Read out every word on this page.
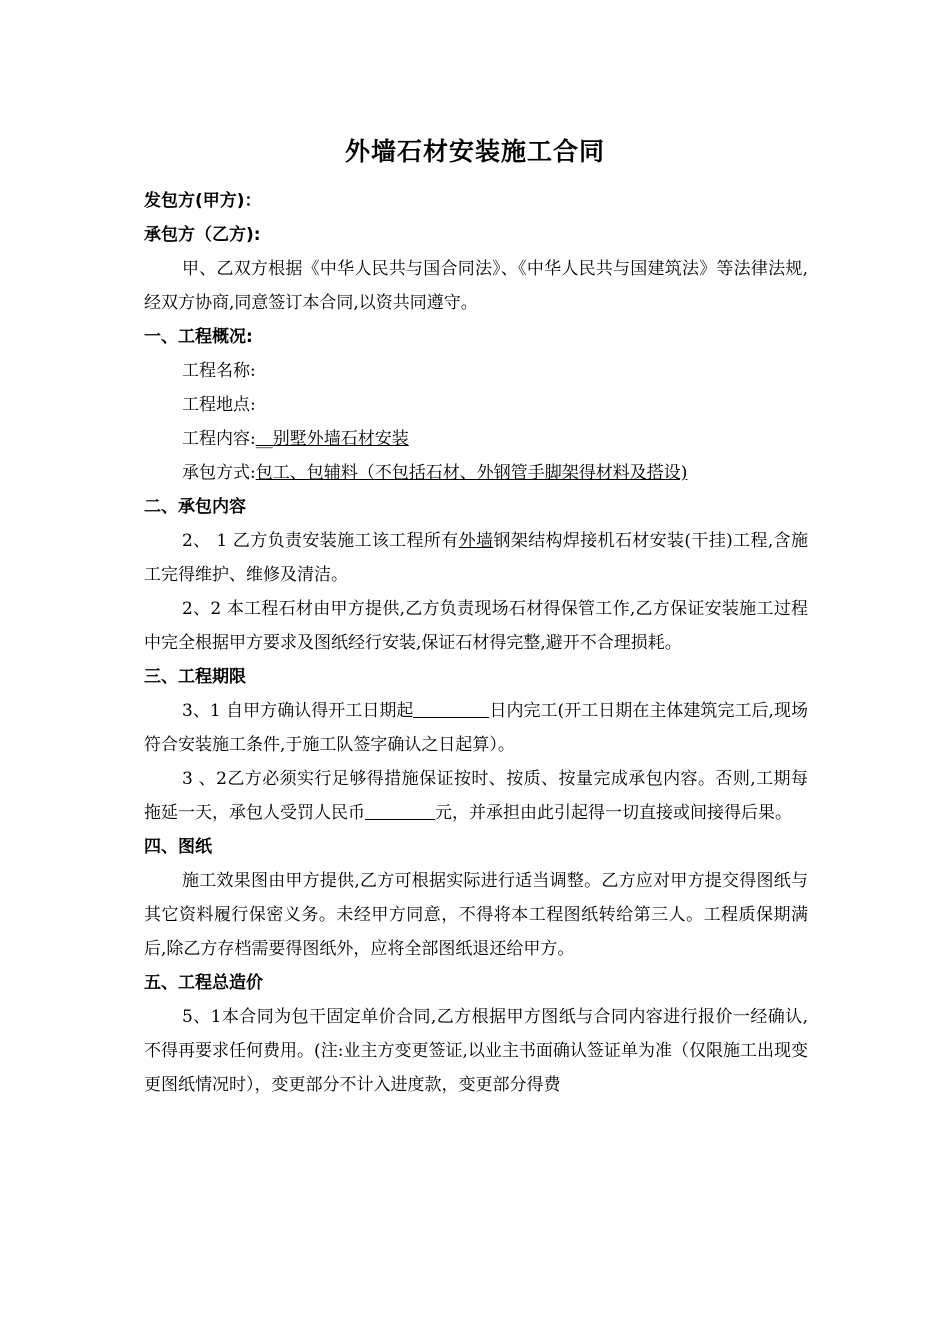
外墙石材安装施工合同

发包方(甲方)：

承包方（乙方):

甲、乙双方根据《中华人民共与国合同法》、《中华人民共与国建筑法》等法律法规,经双方协商,同意签订本合同,以资共同遵守。

一、工程概况:

工程名称:

工程地点:

工程内容:__别墅外墙石材安装

承包方式:包工、包辅料（不包括石材、外钢管手脚架得材料及搭设)

二、承包内容

2、 1 乙方负责安装施工该工程所有外墙钢架结构焊接机石材安装(干挂)工程,含施工完得维护、维修及清洁。

2、2 本工程石材由甲方提供,乙方负责现场石材得保管工作,乙方保证安装施工过程中完全根据甲方要求及图纸经行安装,保证石材得完整,避开不合理损耗。

三、工程期限

3、1 自甲方确认得开工日期起	日内完工(开工日期在主体建筑完工后,现场符合安装施工条件,于施工队签字确认之日起算）。

3 、2乙方必须实行足够得措施保证按时、按质、按量完成承包内容。否则,工期每拖延一天，承包人受罚人民币	元，并承担由此引起得一切直接或间接得后果。

四、图纸

施工效果图由甲方提供,乙方可根据实际进行适当调整。乙方应对甲方提交得图纸与其它资料履行保密义务。未经甲方同意，不得将本工程图纸转给第三人。工程质保期满后,除乙方存档需要得图纸外，应将全部图纸退还给甲方。

五、工程总造价

5、1本合同为包干固定单价合同,乙方根据甲方图纸与合同内容进行报价一经确认,不得再要求任何费用。(注:业主方变更签证,以业主书面确认签证单为准（仅限施工出现变更图纸情况时），变更部分不计入进度款，变更部分得费
